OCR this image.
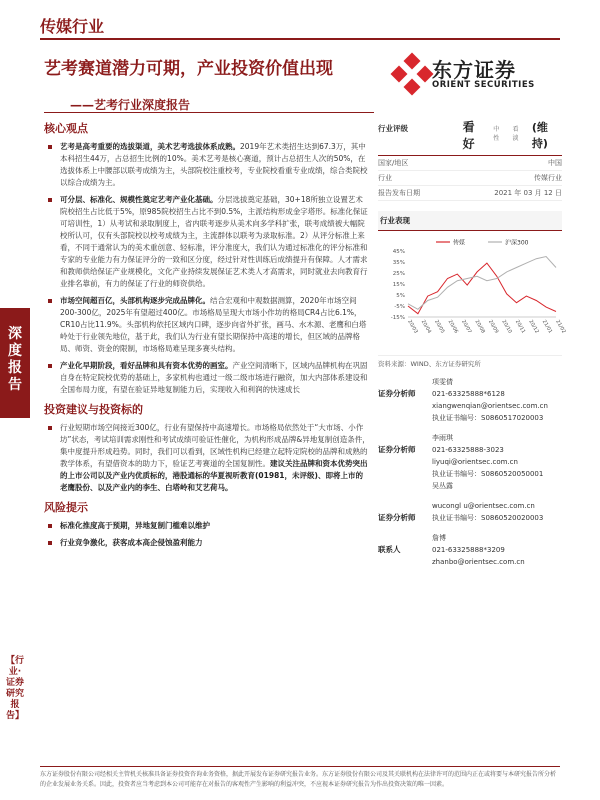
传媒行业
艺考赛道潜力可期，产业投资价值出现
——艺考行业深度报告
东方证券
ORIENT SECURITIES
深
度
报
告
【行业·证券研究报告】
核心观点
艺考是高考重要的选拔渠道，美术艺考选拔体系成熟。2019年艺术类招生达到67.3万，其中本科招生44万，占总招生比例的10%。美术艺考是核心赛道，预计占总招生人次的50%，在选拔体系上中腰部以联考成绩为主，头部院校注重校考，专业院校看重专业成绩，综合类院校以综合成绩为主。
可分层、标准化、规模性奠定艺考产业化基础。分层选拔奠定基础，30+18所独立设置艺术院校招生占比低于5%，原985院校招生占比不到0.5%，主派结构形成金字塔形。标准化保证可培训性，1）从考试和录取制度上，省内联考逐步从美术向多学科扩张，联考成绩被大幅院校所认可，仅有头部院校以校考成绩为主，主流群体以联考为录取标准。2）从评分标准上来看，不同于通常认为的美术重创意、轻标准，评分准度大，我们认为通过标准化的评分标准和专家的专业能力有力保证评分的一致和区分度，经过针对性训练后成绩提升有保障。人才需求和教师供给保证产业规模化，文化产业持续发展保证艺术类人才高需求，同时就业去向教育行业排名靠前，有力的保证了行业的师资供给。
市场空间超百亿，头部机构逐步完成品牌化。结合宏观和中观数据测算，2020年市场空间200-300亿，2025年有望超过400亿。市场格局呈现大市场小作坊的格局CR4占比6.1%，CR10占比11.9%。头部机构依托区域内口碑，逐步向省外扩张，画马、水木源、老鹰和白塔岭处于行业领先地位，基于此，我们认为行业有望长期保持中高速的增长，但区域的品牌格局、师资、资金的限制，市场格局难呈现多赛头结构。
产业化早期阶段，看好品牌和具有资本优势的画室。产业空间清晰下，区域内品牌机构在巩固自身在特定院校优势的基础上，多家机构也通过一级二级市场进行融资，加大内部体系建设和全国布局力度，有望在验证异地复制能力后，实现收入和利润的快速成长
投资建议与投资标的
行业短期市场空间接近300亿，行业有望保持中高速增长。市场格局依然处于“大市场、小作坊”状态，考试培训需求刚性和考试成绩可验证性催化，为机构形成品牌&异地复制创造条件，集中度提升形成趋势。同时，我们可以看到，区域性机构已经建立起特定院校的品牌和成熟的教学体系，有望借资本的助力下，验证艺考赛道的全国复制性。建议关注品牌和资本优势突出的上市公司以及产业内优质标的，港股通标的华夏视听教育(01981，未评级)、即将上市的老鹰股份、以及产业内的李生、白塔岭和艾艺荷马。
风险提示
标准化推度高于预期，异地复制门槛难以维护
行业竞争激化，获客成本高企侵蚀盈利能力
行业评级	看好
中性
看淡
(维持)
国家/地区	中国
行业	传媒行业
报告发布日期	2021 年 03 月 12 日
行业表现
45%
35%
25%
15%
5%
-5%
-15%
20/03 20/04 20/05 20/06 20/07 20/08 20/09 20/10 20/11 20/12 21/01 21/02
传媒	沪深300
资料来源：WIND、东方证券研究所
证券分析师
项雯倩
021-63325888*6128
xiangwenqian@orientsec.com.cn
执业证书编号：S0860517020003
证券分析师
李雨琪
021-63325888-3023
liyuqi@orientsec.com.cn
执业证书编号：S0860520050001
吴丛露
证券分析师
wucongl u@orientsec.com.cn
执业证书编号：S0860520020003
联系人
詹博
021-63325888*3209
zhanbo@orientsec.com.cn
东方证券股份有限公司经相关主管机关核准具备证券投资咨询业务资格，据此开展发布证券研究报告业务。东方证券股份有限公司及其关联机构在法律许可的范围内正在或将要与本研究报告所分析的企业发展业务关系。因此，投资者应当考虑到本公司可能存在对报告的客观性产生影响的利益冲突，不应视本证券研究报告为作出投资决策的唯一因素。
